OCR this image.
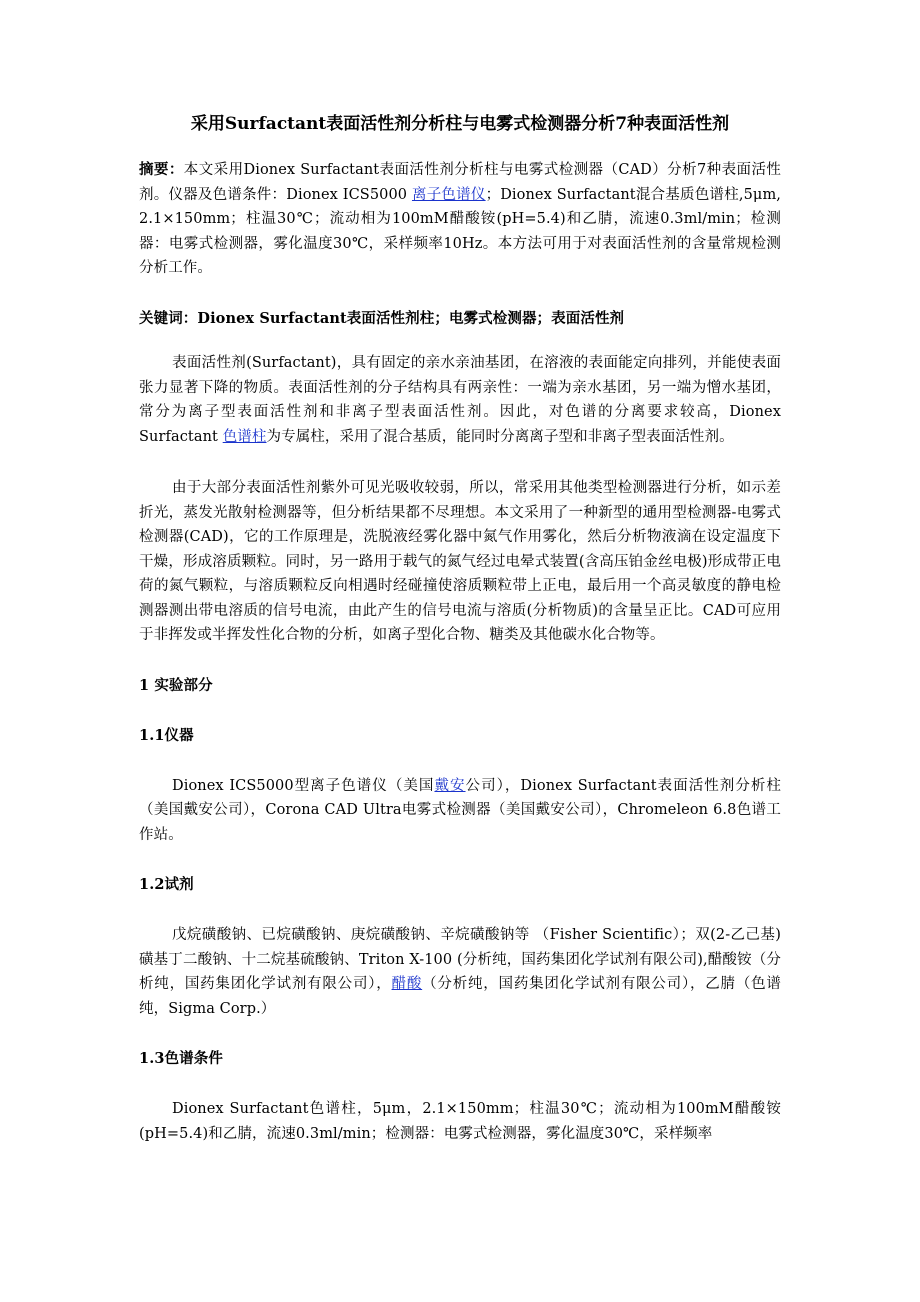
采用Surfactant表面活性剂分析柱与电雾式检测器分析7种表面活性剂

摘要：本文采用Dionex Surfactant表面活性剂分析柱与电雾式检测器（CAD）分析7种表面活性剂。仪器及色谱条件：Dionex ICS5000 离子色谱仪；Dionex Surfactant混合基质色谱柱,5μm, 2.1×150mm；柱温30℃；流动相为100mM醋酸铵(pH=5.4)和乙腈，流速0.3ml/min；检测器：电雾式检测器，雾化温度30℃，采样频率10Hz。本方法可用于对表面活性剂的含量常规检测分析工作。

关键词：Dionex Surfactant表面活性剂柱；电雾式检测器；表面活性剂

表面活性剂(Surfactant)，具有固定的亲水亲油基团，在溶液的表面能定向排列，并能使表面张力显著下降的物质。表面活性剂的分子结构具有两亲性：一端为亲水基团，另一端为憎水基团，常分为离子型表面活性剂和非离子型表面活性剂。因此，对色谱的分离要求较高，Dionex Surfactant 色谱柱为专属柱，采用了混合基质，能同时分离离子型和非离子型表面活性剂。

由于大部分表面活性剂紫外可见光吸收较弱，所以，常采用其他类型检测器进行分析，如示差折光，蒸发光散射检测器等，但分析结果都不尽理想。本文采用了一种新型的通用型检测器-电雾式检测器(CAD)，它的工作原理是，洗脱液经雾化器中氮气作用雾化，然后分析物液滴在设定温度下干燥，形成溶质颗粒。同时，另一路用于载气的氮气经过电晕式装置(含高压铂金丝电极)形成带正电荷的氮气颗粒，与溶质颗粒反向相遇时经碰撞使溶质颗粒带上正电，最后用一个高灵敏度的静电检测器测出带电溶质的信号电流，由此产生的信号电流与溶质(分析物质)的含量呈正比。CAD可应用于非挥发或半挥发性化合物的分析，如离子型化合物、糖类及其他碳水化合物等。

1 实验部分

1.1仪器

Dionex ICS5000型离子色谱仪（美国戴安公司），Dionex Surfactant表面活性剂分析柱（美国戴安公司），Corona CAD Ultra电雾式检测器（美国戴安公司），Chromeleon 6.8色谱工作站。

1.2试剂

戊烷磺酸钠、已烷磺酸钠、庚烷磺酸钠、辛烷磺酸钠等 （Fisher Scientific）；双(2-乙己基)磺基丁二酸钠、十二烷基硫酸钠、Triton X-100 (分析纯，国药集团化学试剂有限公司),醋酸铵（分析纯，国药集团化学试剂有限公司），醋酸（分析纯，国药集团化学试剂有限公司），乙腈（色谱纯，Sigma Corp.）

1.3色谱条件

Dionex Surfactant色谱柱，5μm，2.1×150mm；柱温30℃；流动相为100mM醋酸铵(pH=5.4)和乙腈，流速0.3ml/min；检测器：电雾式检测器，雾化温度30℃，采样频率
